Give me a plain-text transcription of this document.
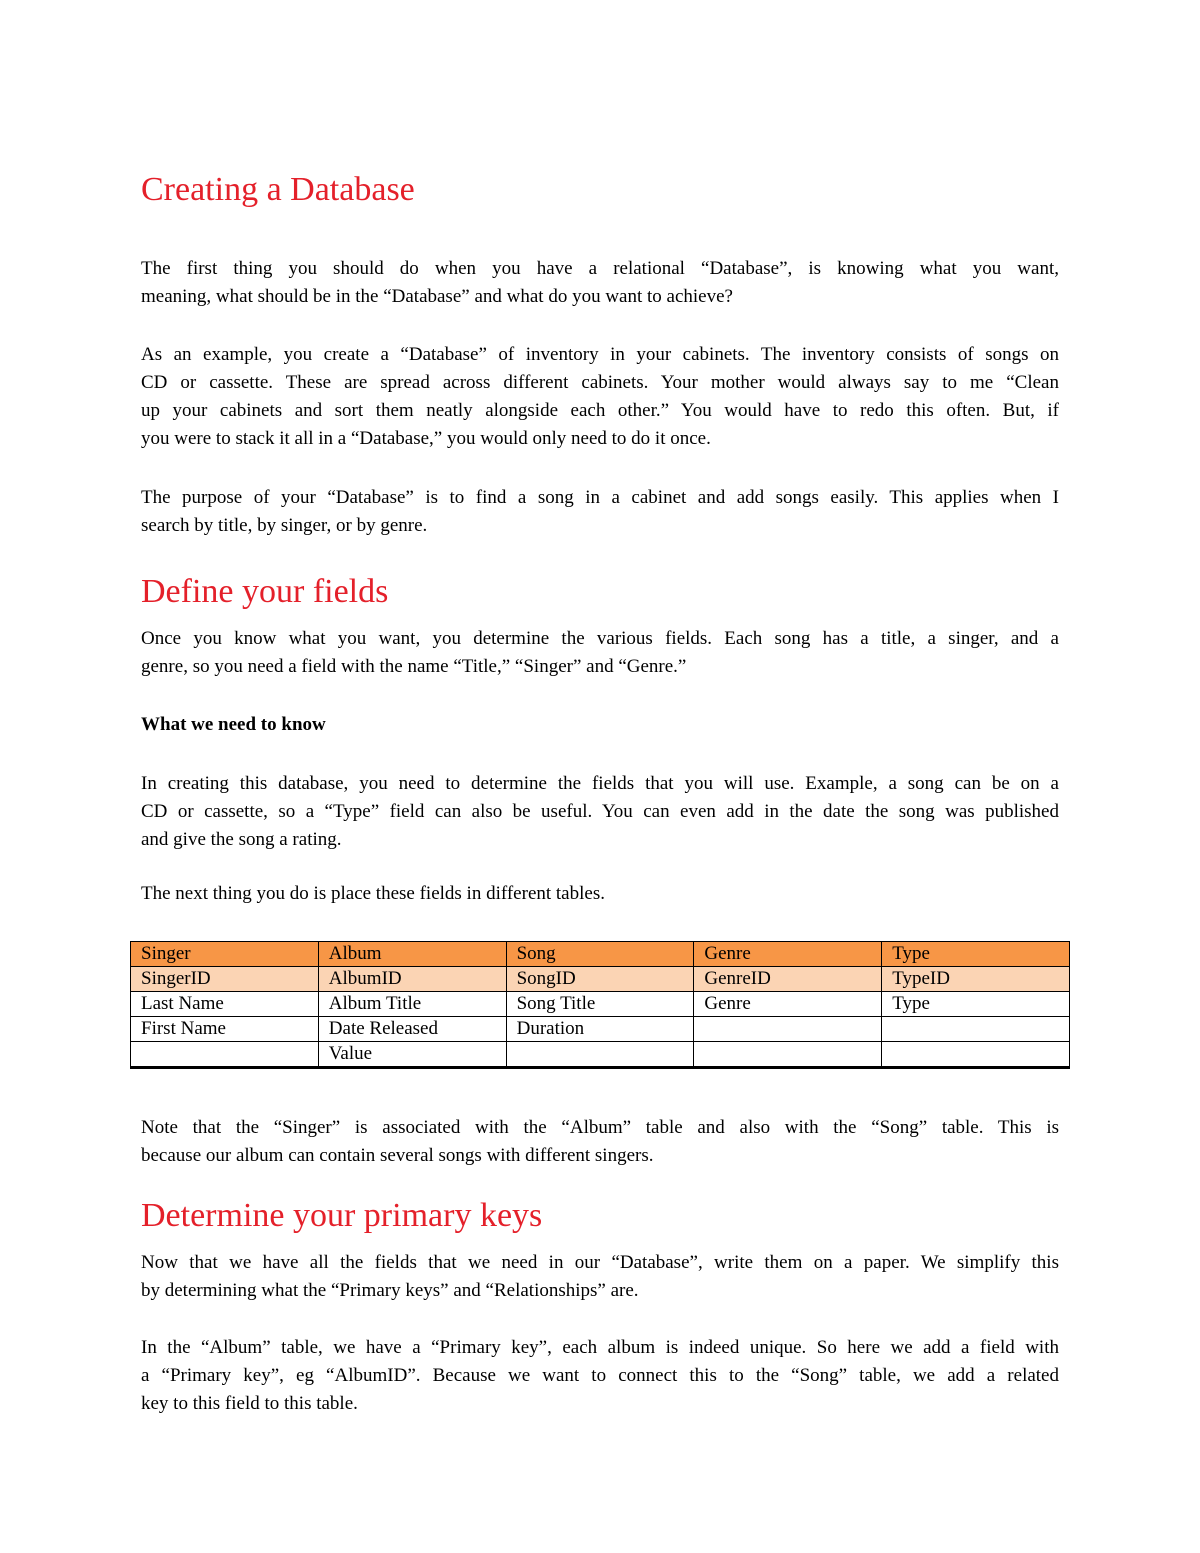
Creating a Database

The first thing you should do when you have a relational “Database”, is knowing what you want,
meaning, what should be in the “Database” and what do you want to achieve?

As an example, you create a “Database” of inventory in your cabinets. The inventory consists of songs on
CD or cassette. These are spread across different cabinets. Your mother would always say to me “Clean
up your cabinets and sort them neatly alongside each other.” You would have to redo this often. But, if
you were to stack it all in a “Database,” you would only need to do it once.

The purpose of your “Database” is to find a song in a cabinet and add songs easily. This applies when I
search by title, by singer, or by genre.

Define your fields

Once you know what you want, you determine the various fields. Each song has a title, a singer, and a
genre, so you need a field with the name “Title,” “Singer” and “Genre.”

What we need to know

In creating this database, you need to determine the fields that you will use. Example, a song can be on a
CD or cassette, so a “Type” field can also be useful. You can even add in the date the song was published
and give the song a rating.

The next thing you do is place these fields in different tables.

Singer	Album	Song	Genre	Type
SingerID	AlbumID	SongID	GenreID	TypeID
Last Name	Album Title	Song Title	Genre	Type
First Name	Date Released	Duration		
	Value			

Note that the “Singer” is associated with the “Album” table and also with the “Song” table. This is
because our album can contain several songs with different singers.

Determine your primary keys

Now that we have all the fields that we need in our “Database”, write them on a paper. We simplify this
by determining what the “Primary keys” and “Relationships” are.

In the “Album” table, we have a “Primary key”, each album is indeed unique. So here we add a field with
a “Primary key”, eg “AlbumID”. Because we want to connect this to the “Song” table, we add a related
key to this field to this table.
